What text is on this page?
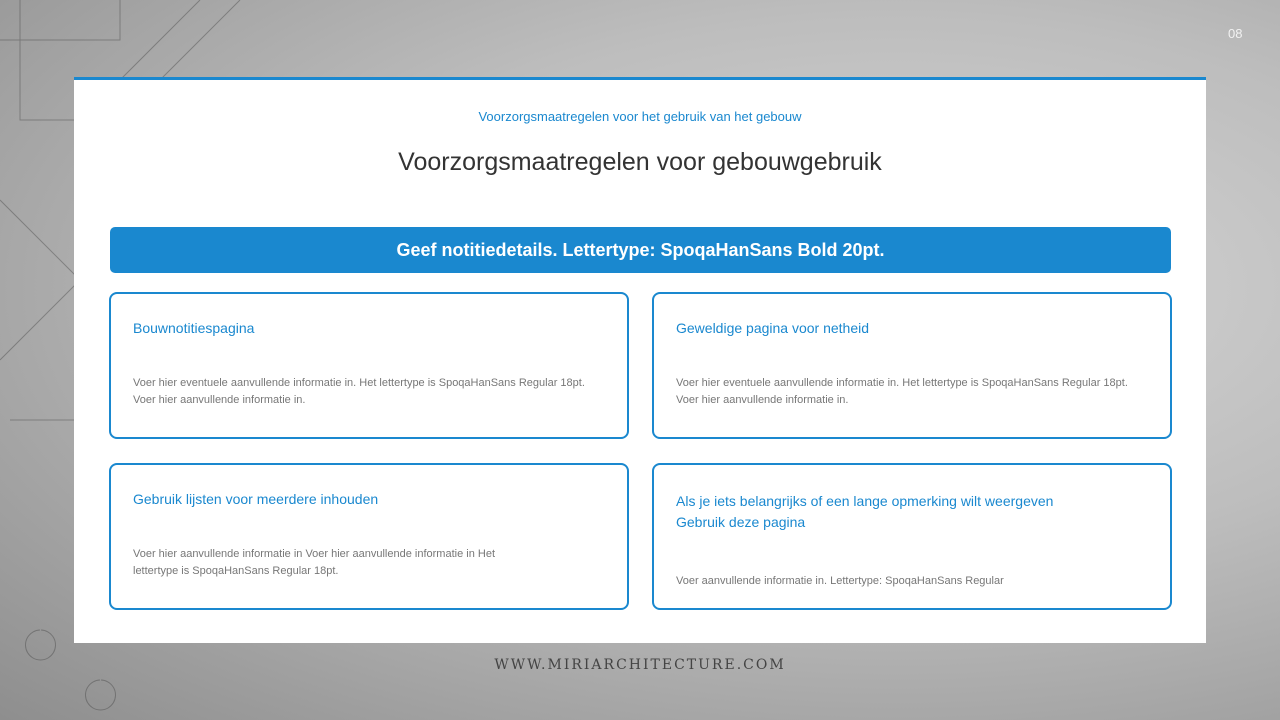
08
Voorzorgsmaatregelen voor het gebruik van het gebouw
Voorzorgsmaatregelen voor gebouwgebruik
Geef notitiedetails. Lettertype: SpoqaHanSans Bold 20pt.
Bouwnotitiespagina
Voer hier eventuele aanvullende informatie in. Het lettertype is SpoqaHanSans Regular 18pt. Voer hier aanvullende informatie in.
Geweldige pagina voor netheid
Voer hier eventuele aanvullende informatie in. Het lettertype is SpoqaHanSans Regular 18pt. Voer hier aanvullende informatie in.
Gebruik lijsten voor meerdere inhouden
Voer hier aanvullende informatie in Voer hier aanvullende informatie in Het lettertype is SpoqaHanSans Regular 18pt.
Als je iets belangrijks of een lange opmerking wilt weergeven Gebruik deze pagina
Voer aanvullende informatie in. Lettertype: SpoqaHanSans Regular
WWW.MIRIARCHITECTURE.COM
